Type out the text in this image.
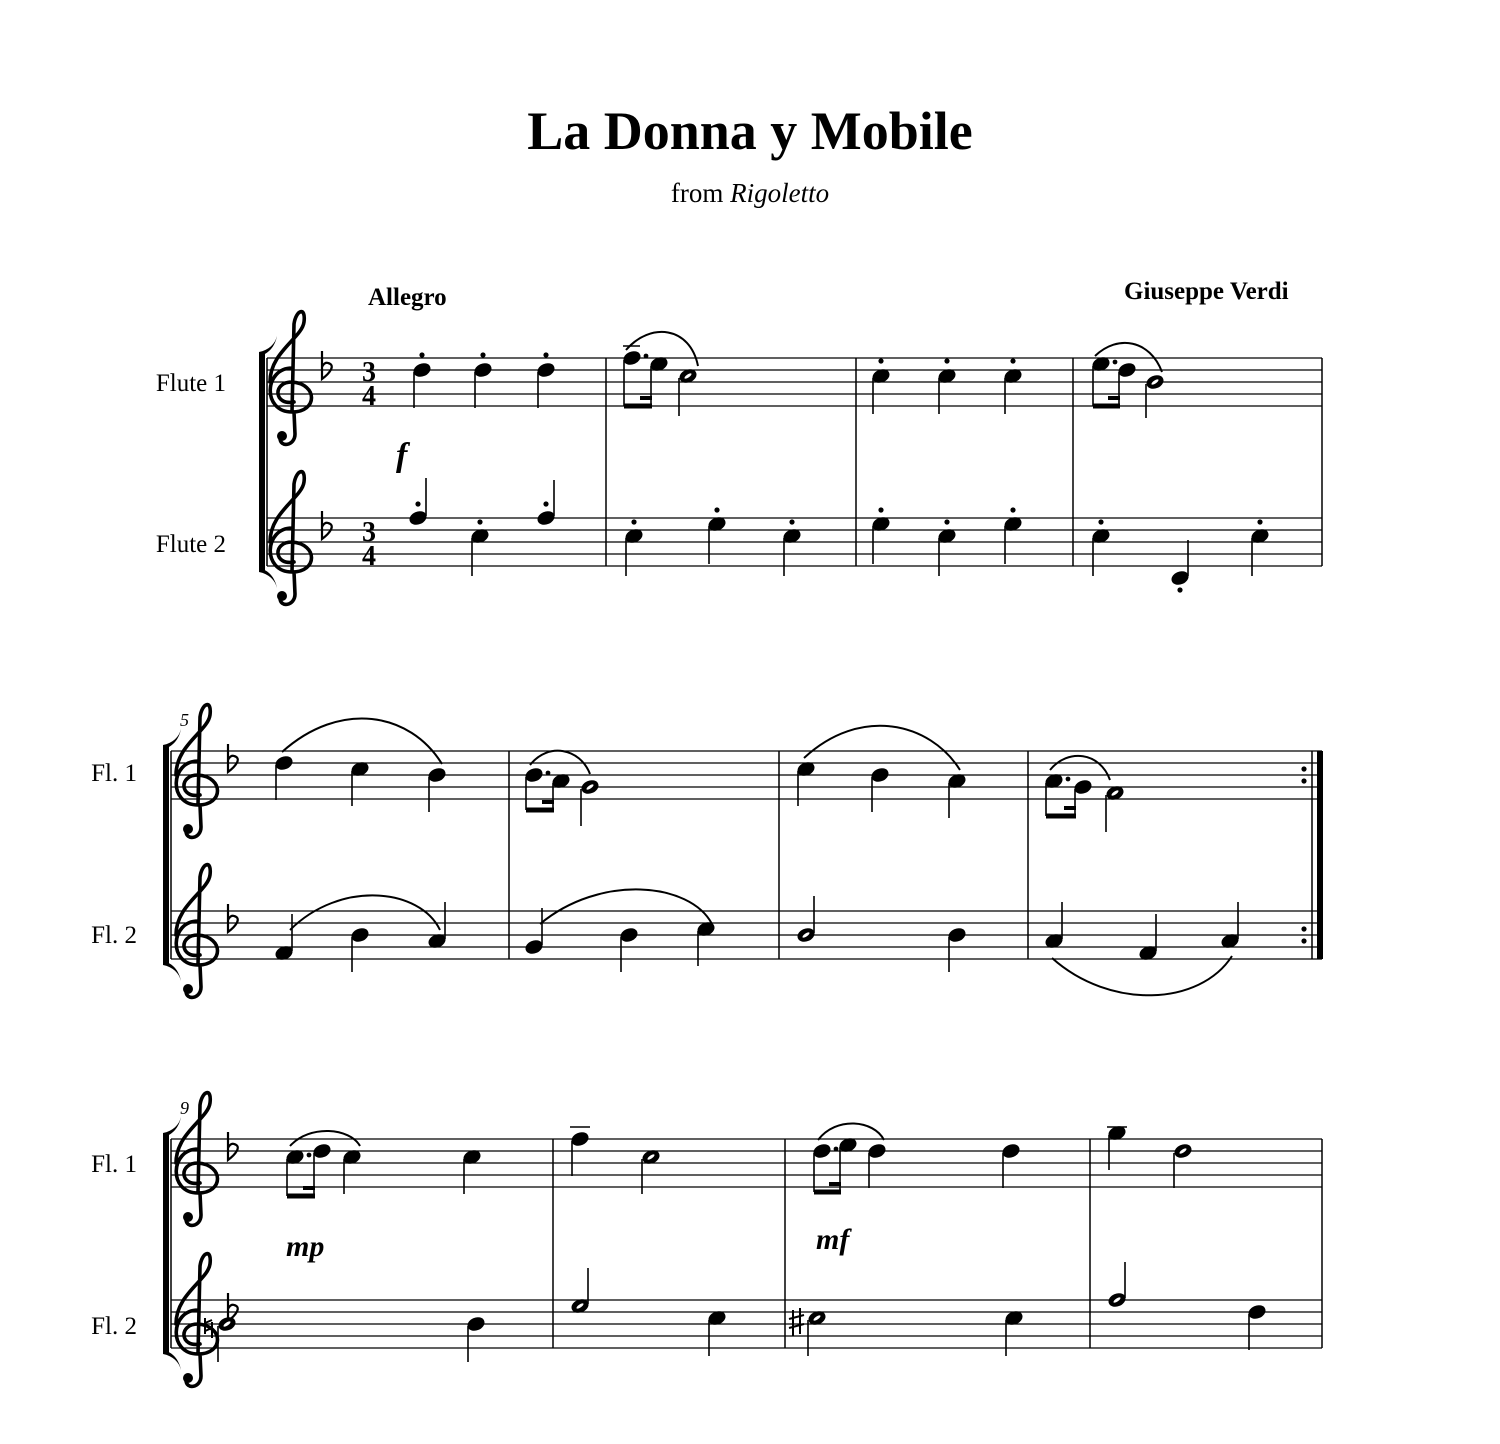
La Donna y Mobile
from Rigoletto
Allegro	Giuseppe Verdi
3
4
3
4
Flute 1
Flute 2
Fl. 1
Fl. 2
Fl. 1
Fl. 2
5
9
f
mp	mf
